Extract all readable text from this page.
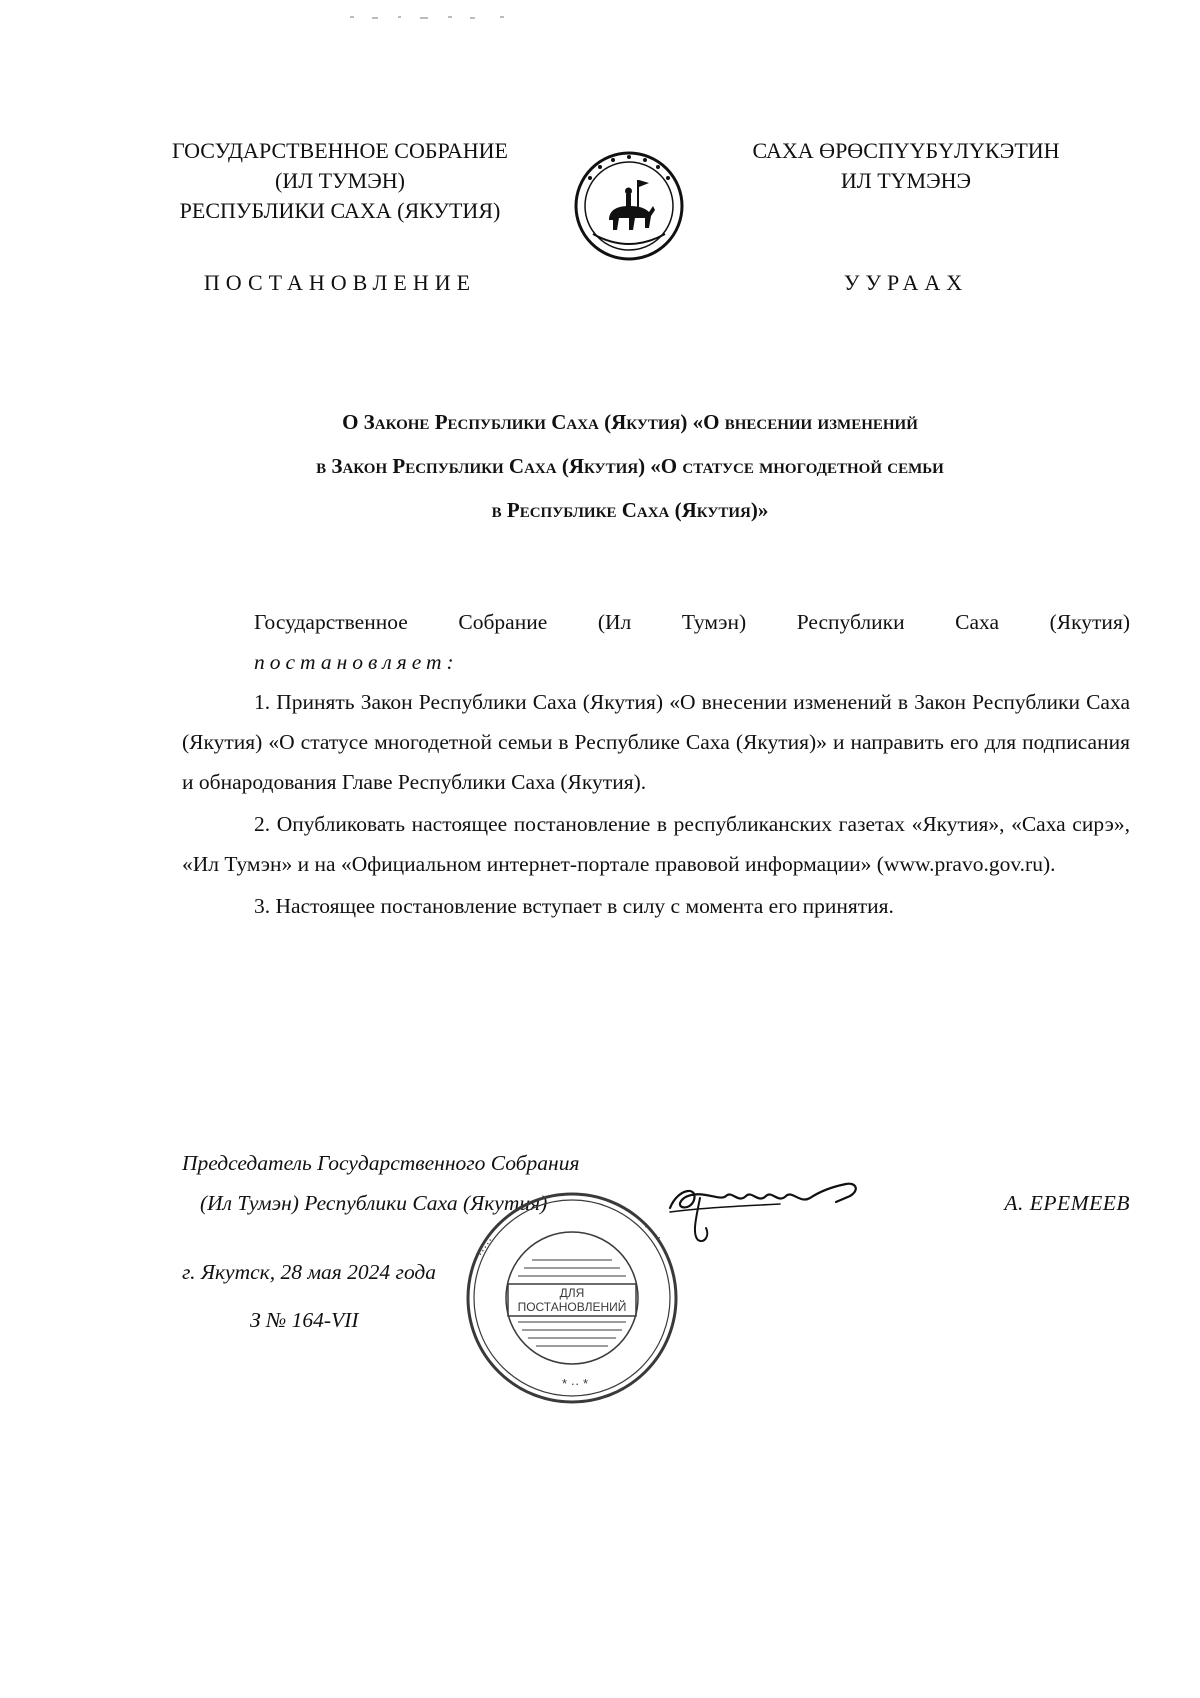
ГОСУДАРСТВЕННОЕ СОБРАНИЕ
(ИЛ ТУМЭН)
РЕСПУБЛИКИ САХА (ЯКУТИЯ)
САХА ӨРӨСПҮҮБҮЛҮКЭТИН
ИЛ ТҮМЭНЭ
ПОСТАНОВЛЕНИЕ	УУРААХ
О Законе Республики Саха (Якутия) «О внесении изменений
в Закон Республики Саха (Якутия) «О статусе многодетной семьи
в Республике Саха (Якутия)»

Государственное Собрание (Ил Тумэн) Республики Саха (Якутия)
постановляет:

1. Принять Закон Республики Саха (Якутия) «О внесении изменений в Закон Республики Саха (Якутия) «О статусе многодетной семьи в Республике Саха (Якутия)» и направить его для подписания и обнародования Главе Республики Саха (Якутия).

2. Опубликовать настоящее постановление в республиканских газетах «Якутия», «Саха сирэ», «Ил Тумэн» и на «Официальном интернет-портале правовой информации» (www.pravo.gov.ru).

3. Настоящее постановление вступает в силу с момента его принятия.

Председатель Государственного Собрания
(Ил Тумэн) Республики Саха (Якутия)	А. ЕРЕМЕЕВ
г. Якутск, 28 мая 2024 года
З № 164-VII
ДЛЯ
ПОСТАНОВЛЕНИЙ
·····
·····
* ·· *
